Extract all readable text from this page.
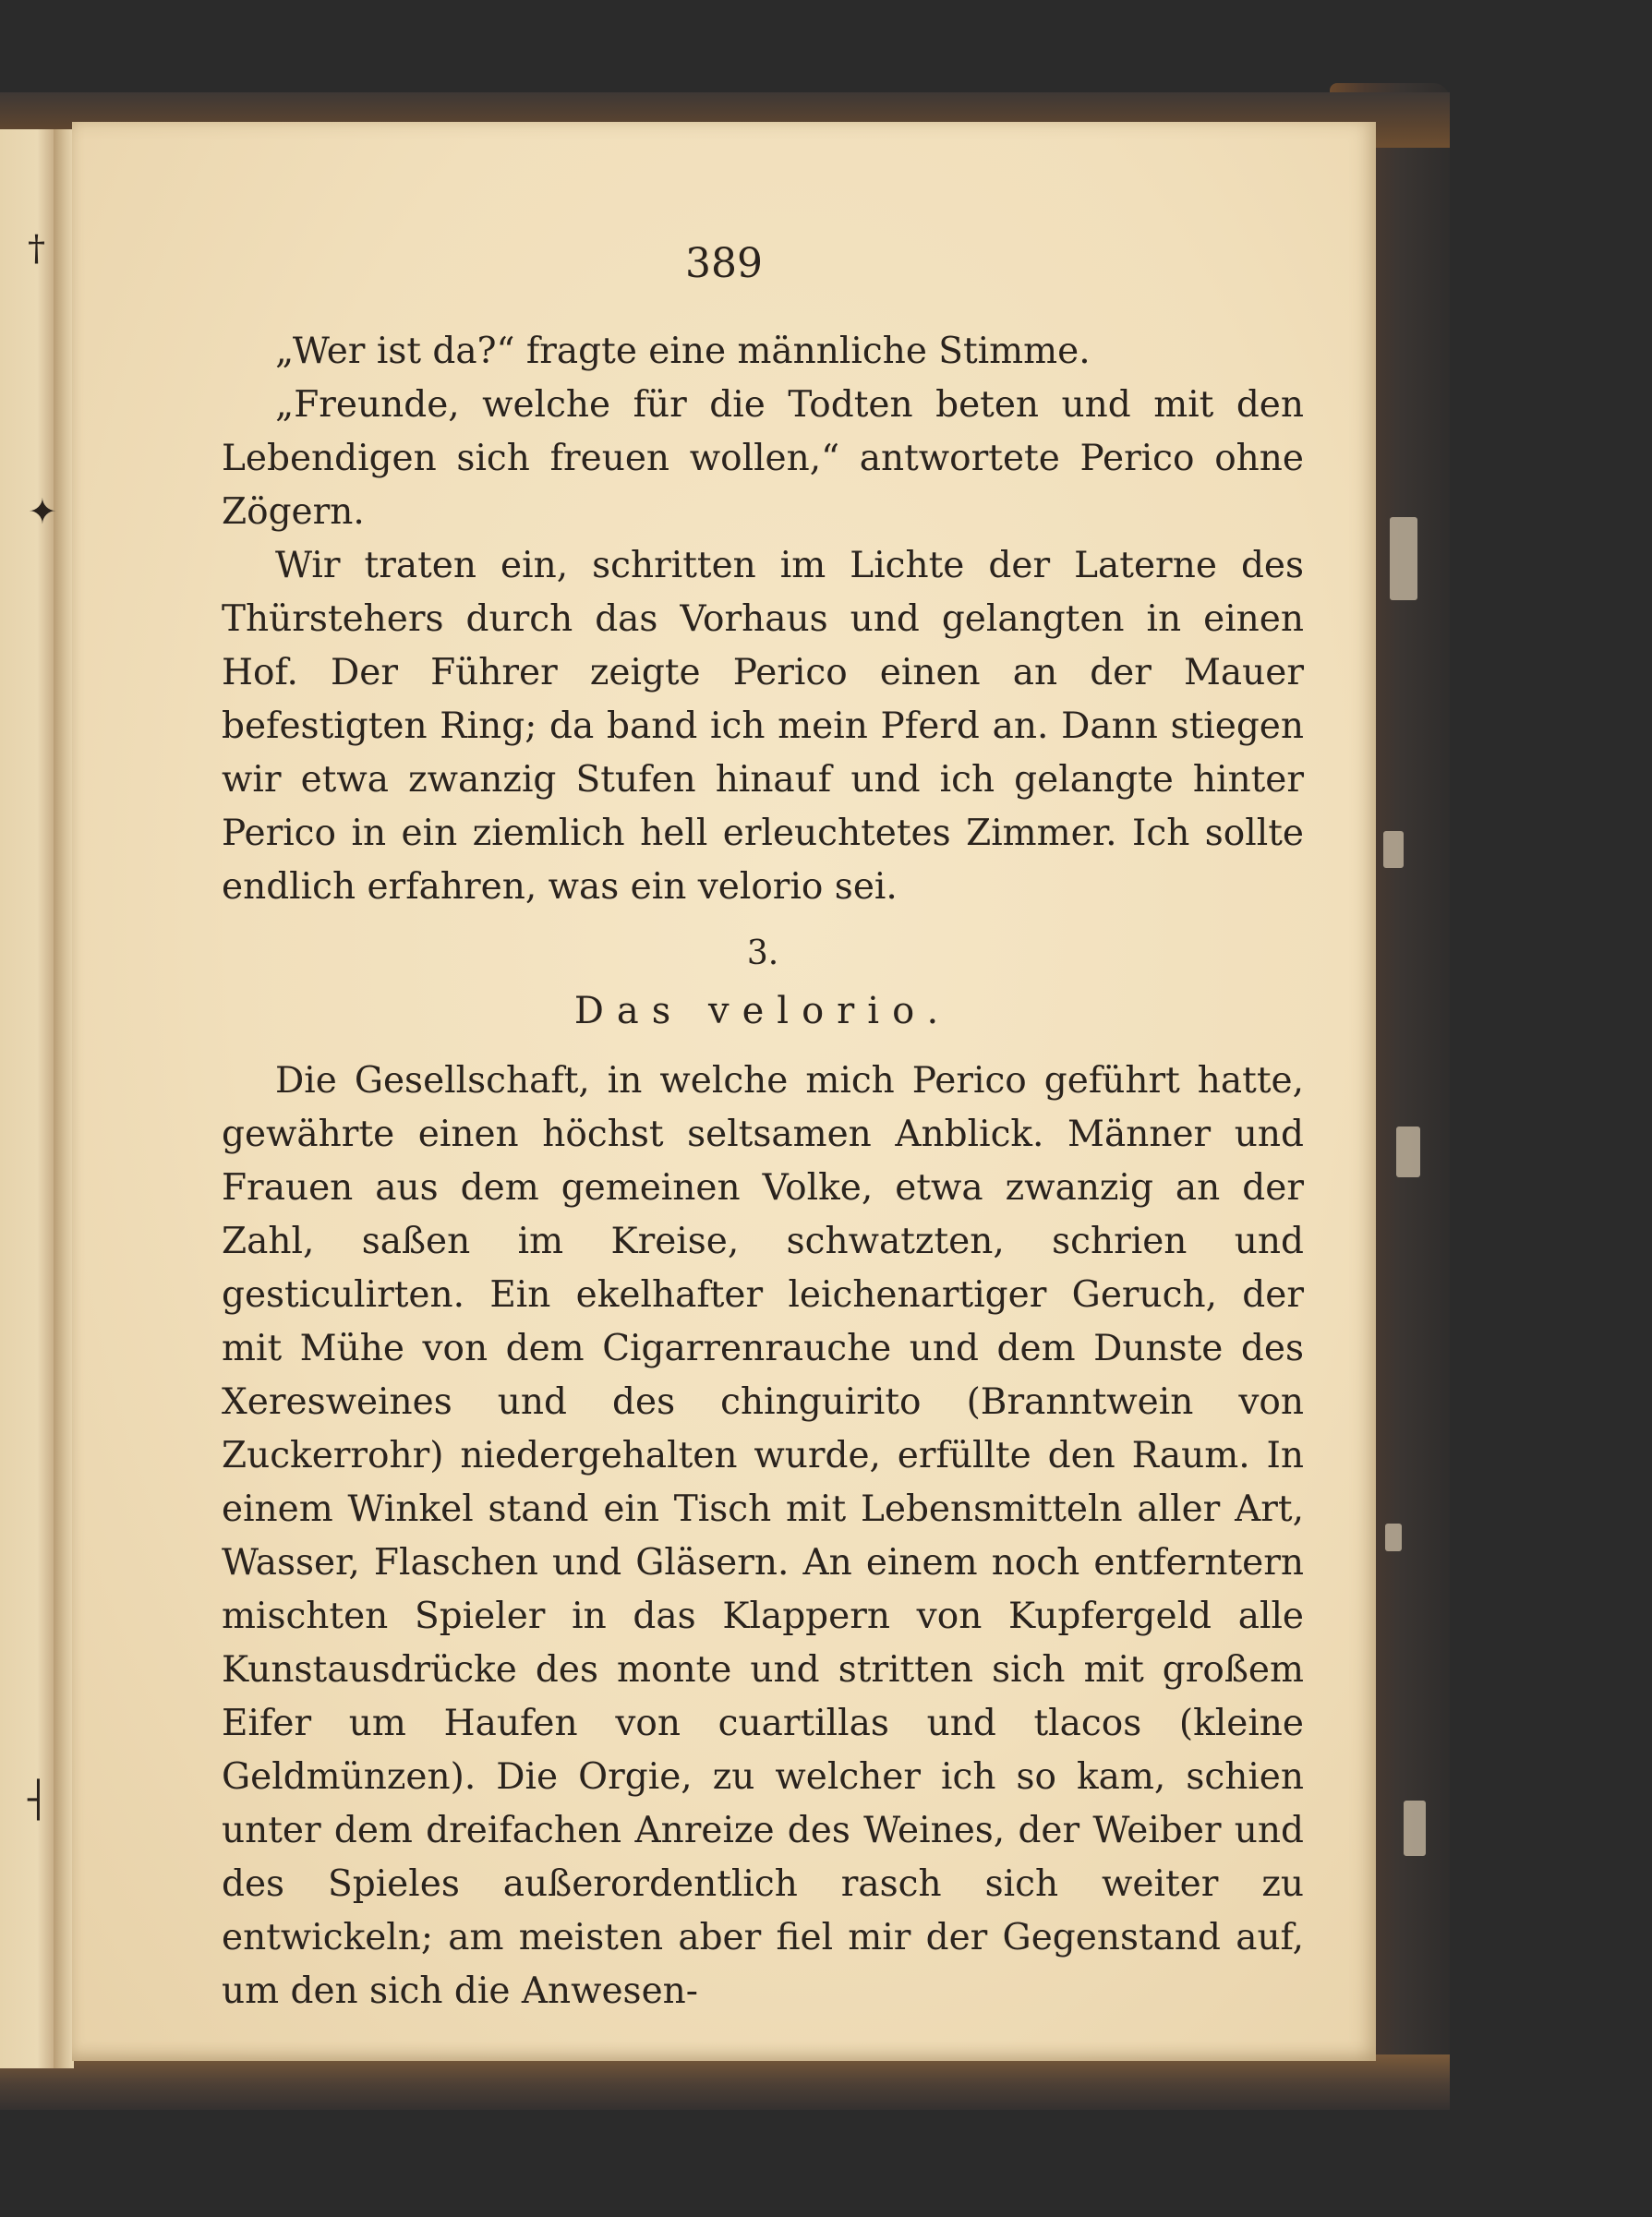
†
✦
┤

389

„Wer ist da?“ fragte eine männliche Stimme.

„Freunde, welche für die Todten beten und mit den Lebendigen sich freuen wollen,“ antwortete Perico ohne Zögern.

Wir traten ein, schritten im Lichte der Laterne des Thürstehers durch das Vorhaus und gelangten in einen Hof. Der Führer zeigte Perico einen an der Mauer befestigten Ring; da band ich mein Pferd an. Dann stiegen wir etwa zwanzig Stufen hinauf und ich gelangte hinter Perico in ein ziemlich hell erleuchtetes Zimmer. Ich sollte endlich erfahren, was ein velorio sei.

3.

Das velorio.

Die Gesellschaft, in welche mich Perico geführt hatte, gewährte einen höchst seltsamen Anblick. Männer und Frauen aus dem gemeinen Volke, etwa zwanzig an der Zahl, saßen im Kreise, schwatzten, schrien und gesticulirten. Ein ekelhafter leichenartiger Geruch, der mit Mühe von dem Cigarrenrauche und dem Dunste des Xeresweines und des chinguirito (Branntwein von Zuckerrohr) niedergehalten wurde, erfüllte den Raum. In einem Winkel stand ein Tisch mit Lebensmitteln aller Art, Wasser, Flaschen und Gläsern. An einem noch entferntern mischten Spieler in das Klappern von Kupfergeld alle Kunstausdrücke des monte und stritten sich mit großem Eifer um Haufen von cuartillas und tlacos (kleine Geldmünzen). Die Orgie, zu welcher ich so kam, schien unter dem dreifachen Anreize des Weines, der Weiber und des Spieles außerordentlich rasch sich weiter zu entwickeln; am meisten aber fiel mir der Gegenstand auf, um den sich die Anwesen-
